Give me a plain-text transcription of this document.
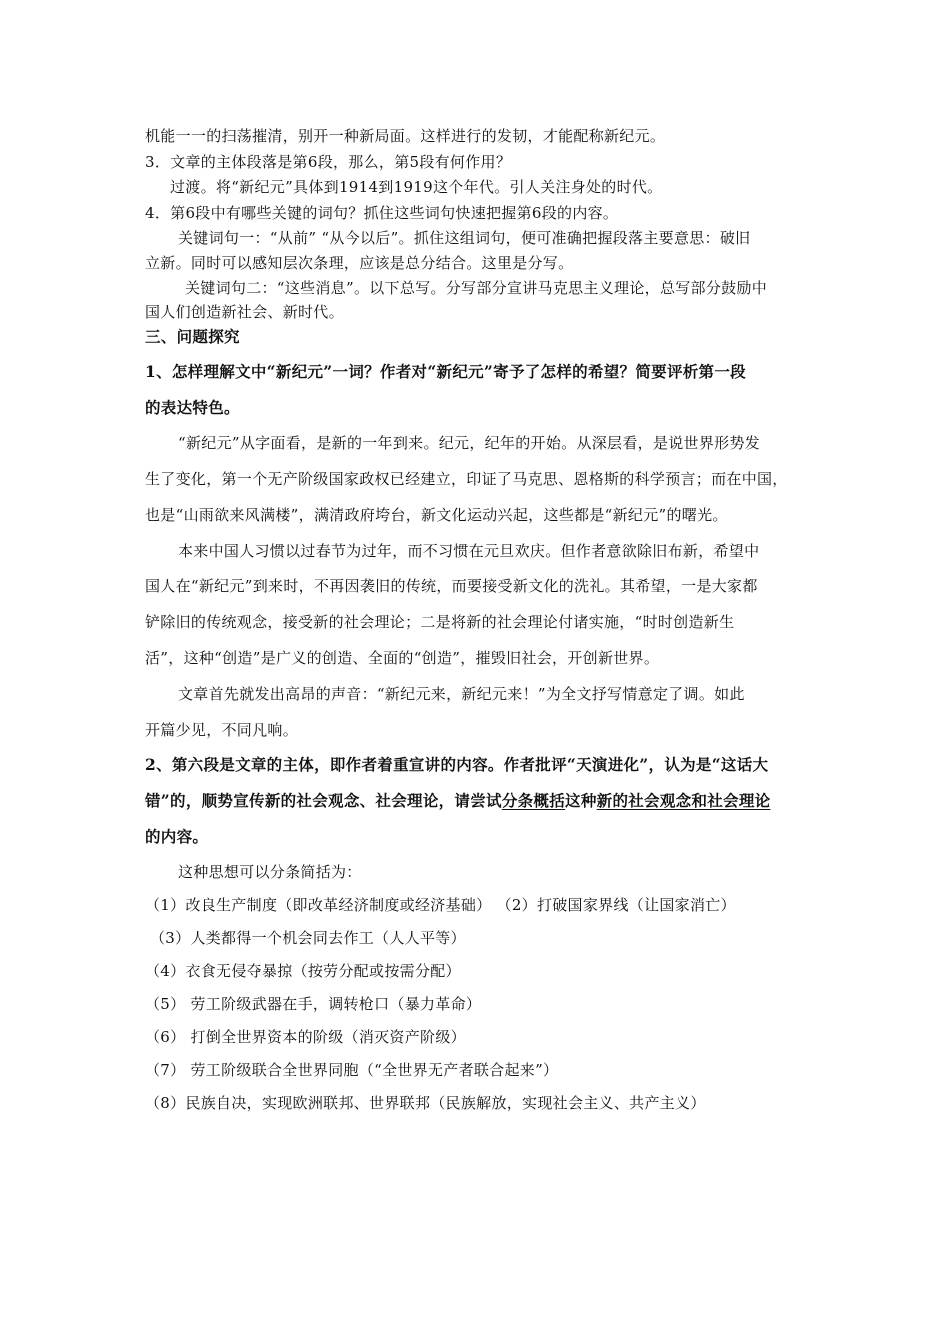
机能一一的扫荡摧清，别开一种新局面。这样进行的发韧，才能配称新纪元。
3．文章的主体段落是第6段，那么，第5段有何作用？
过渡。将“新纪元”具体到1914到1919这个年代。引人关注身处的时代。
4．第6段中有哪些关键的词句？抓住这些词句快速把握第6段的内容。
关键词句一：“从前” “从今以后”。抓住这组词句，便可准确把握段落主要意思：破旧
立新。同时可以感知层次条理，应该是总分结合。这里是分写。
关键词句二：“这些消息”。以下总写。分写部分宣讲马克思主义理论，总写部分鼓励中
国人们创造新社会、新时代。
三、问题探究
1、怎样理解文中“新纪元”一词？作者对“新纪元”寄予了怎样的希望？简要评析第一段
的表达特色。
“新纪元”从字面看，是新的一年到来。纪元，纪年的开始。从深层看，是说世界形势发
生了变化，第一个无产阶级国家政权已经建立，印证了马克思、恩格斯的科学预言；而在中国，
也是“山雨欲来风满楼”，满清政府垮台，新文化运动兴起，这些都是“新纪元”的曙光。
本来中国人习惯以过春节为过年，而不习惯在元旦欢庆。但作者意欲除旧布新，希望中
国人在“新纪元”到来时，不再因袭旧的传统，而要接受新文化的洗礼。其希望，一是大家都
铲除旧的传统观念，接受新的社会理论；二是将新的社会理论付诸实施，“时时创造新生
活”，这种“创造”是广义的创造、全面的“创造”，摧毁旧社会，开创新世界。
文章首先就发出高昂的声音：“新纪元来，新纪元来！”为全文抒写情意定了调。如此
开篇少见，不同凡响。
2、第六段是文章的主体，即作者着重宣讲的内容。作者批评“天演进化”，认为是“这话大
错”的，顺势宣传新的社会观念、社会理论，请尝试分条概括这种新的社会观念和社会理论
的内容。
这种思想可以分条简括为：
（1）改良生产制度（即改革经济制度或经济基础） （2）打破国家界线（让国家消亡）
（3）人类都得一个机会同去作工（人人平等）
（4）衣食无侵夺暴掠（按劳分配或按需分配）
（5） 劳工阶级武器在手，调转枪口（暴力革命）
（6） 打倒全世界资本的阶级（消灭资产阶级）
（7） 劳工阶级联合全世界同胞（“全世界无产者联合起来”）
（8）民族自决，实现欧洲联邦、世界联邦（民族解放，实现社会主义、共产主义）
